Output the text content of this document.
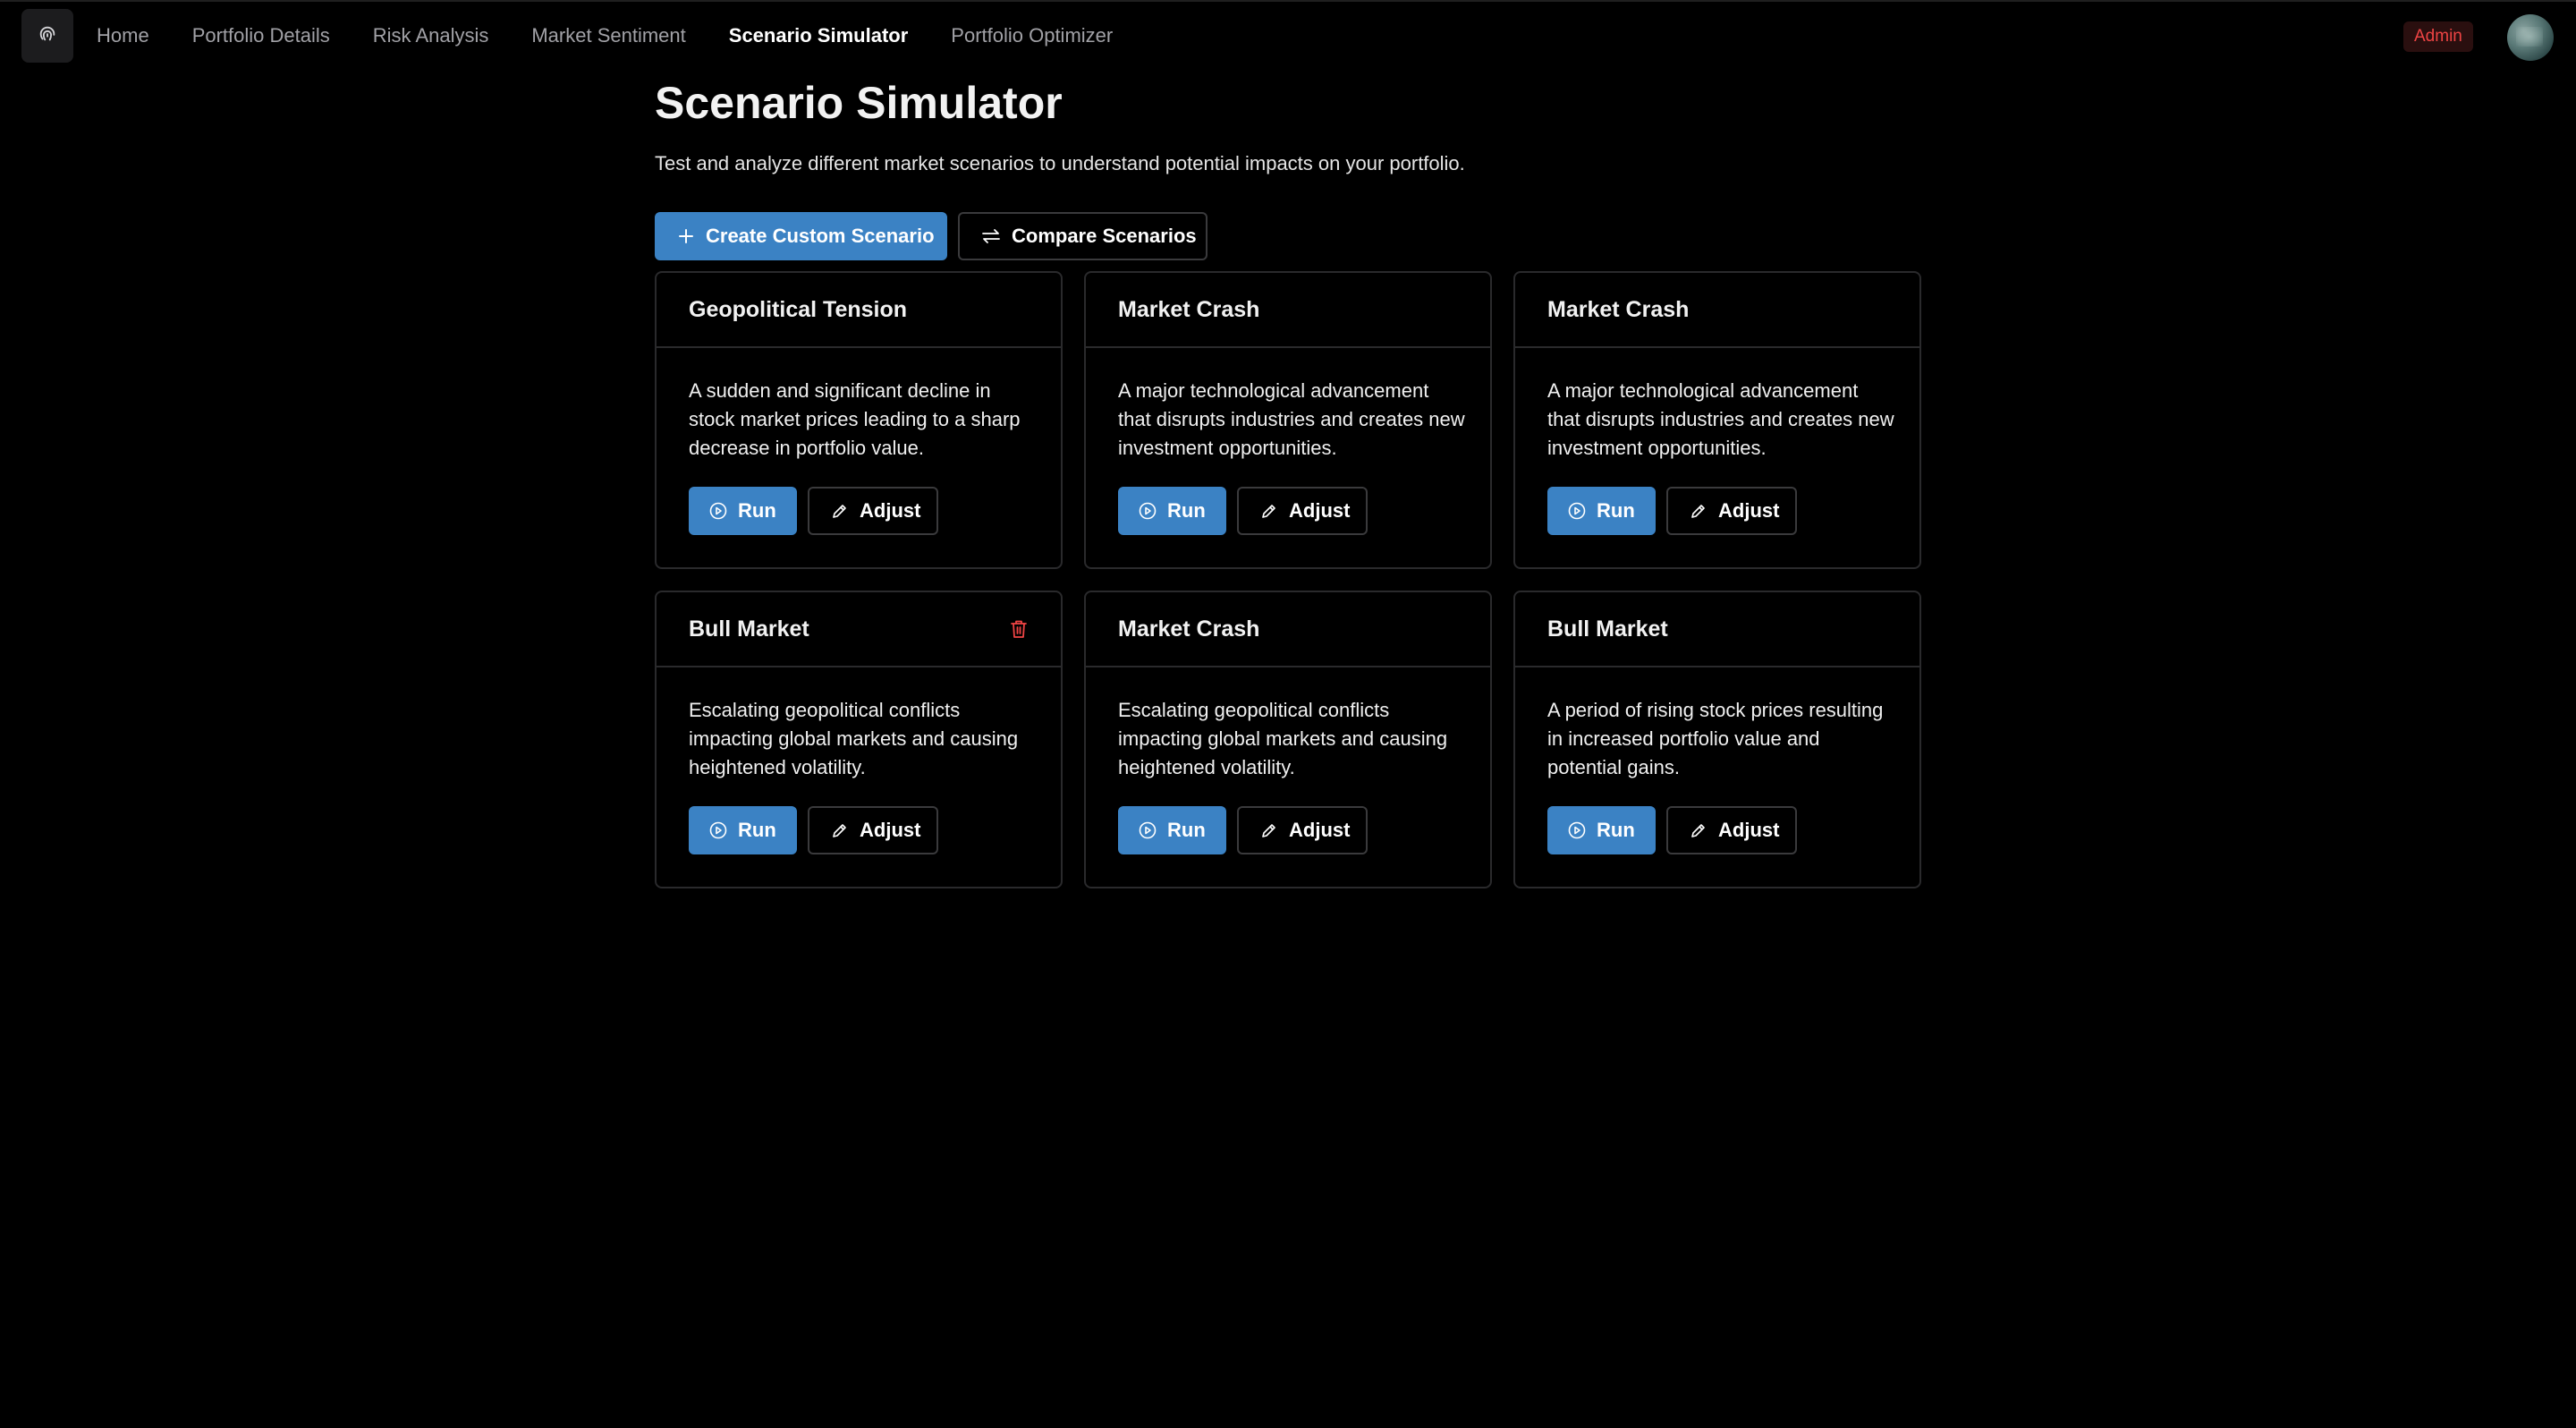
Home Portfolio Details Risk Analysis Market Sentiment Scenario Simulator Portfolio Optimizer	Admin
Scenario Simulator
Test and analyze different market scenarios to understand potential impacts on your portfolio.
Create Custom Scenario	Compare Scenarios
Geopolitical Tension
A sudden and significant decline in stock market prices leading to a sharp decrease in portfolio value.
Run	Adjust
Market Crash
A major technological advancement that disrupts industries and creates new investment opportunities.
Run	Adjust
Market Crash
A major technological advancement that disrupts industries and creates new investment opportunities.
Run	Adjust
Bull Market
Escalating geopolitical conflicts impacting global markets and causing heightened volatility.
Run	Adjust
Market Crash
Escalating geopolitical conflicts impacting global markets and causing heightened volatility.
Run	Adjust
Bull Market
A period of rising stock prices resulting in increased portfolio value and potential gains.
Run	Adjust
